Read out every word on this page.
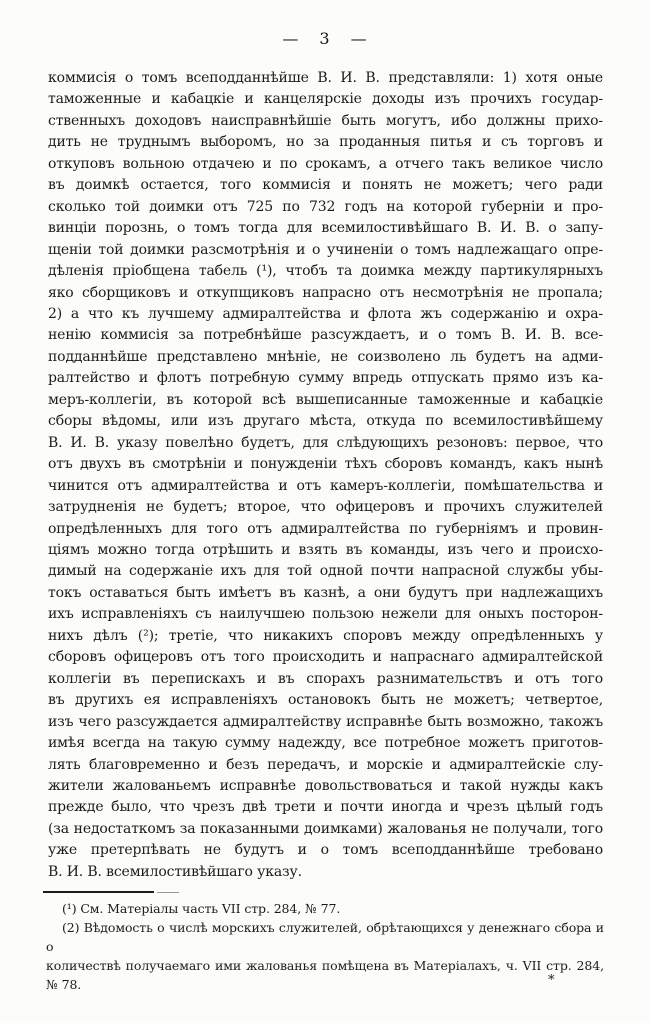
— 3 —
коммисія о томъ всеподданнѣйше В. И. В. представляли: 1) хотя оные
таможенные и кабацкіе и канцелярскіе доходы изъ прочихъ государ-
ственныхъ доходовъ наисправнѣйшіе быть могутъ, ибо должны прихо-
дить не труднымъ выборомъ, но за проданныя питья и съ торговъ и
откуповъ вольною отдачею и по срокамъ, а отчего такъ великое число
въ доимкѣ остается, того коммисія и понять не можетъ; чего ради
сколько той доимки отъ 725 по 732 годъ на которой губерніи и про-
винціи порознь, о томъ тогда для всемилостивѣйшаго В. И. В. о запу-
щеніи той доимки разсмотрѣнія и о учиненіи о томъ надлежащаго опре-
дѣленія пріобщена табель (¹), чтобъ та доимка между партикулярныхъ
яко сборщиковъ и откупщиковъ напрасно отъ несмотрѣнія не пропала;
2) а что къ лучшему адмиралтейства и флота жъ содержанію и охра-
ненію коммисія за потребнѣйше разсуждаетъ, и о томъ В. И. В. все-
подданнѣйше представлено мнѣніе, не соизволено ль будетъ на адми-
ралтейство и флотъ потребную сумму впредь отпускать прямо изъ ка-
меръ-коллегіи, въ которой всѣ вышеписанные таможенные и кабацкіе
сборы вѣдомы, или изъ другаго мѣста, откуда по всемилостивѣйшему
В. И. В. указу повелѣно будетъ, для слѣдующихъ резоновъ: первое, что
отъ двухъ въ смотрѣніи и понужденіи тѣхъ сборовъ командъ, какъ нынѣ
чинится отъ адмиралтейства и отъ камеръ-коллегіи, помѣшательства и
затрудненія не будетъ; второе, что офицеровъ и прочихъ служителей
опредѣленныхъ для того отъ адмиралтейства по губерніямъ и провин-
ціямъ можно тогда отрѣшить и взять въ команды, изъ чего и происхо-
димый на содержаніе ихъ для той одной почти напрасной службы убы-
токъ оставаться быть имѣетъ въ казнѣ, а они будутъ при надлежащихъ
ихъ исправленіяхъ съ наилучшею пользою нежели для оныхъ посторон-
нихъ дѣлъ (²); третіе, что никакихъ споровъ между опредѣленныхъ у
сборовъ офицеровъ отъ того происходить и напраснаго адмиралтейской
коллегіи въ перепискахъ и въ спорахъ разнимательствъ и отъ того
въ другихъ ея исправленіяхъ остановокъ быть не можетъ; четвертое,
изъ чего разсуждается адмиралтейству исправнѣе быть возможно, такожъ
имѣя всегда на такую сумму надежду, все потребное можетъ приготов-
лять благовременно и безъ передачъ, и морскіе и адмиралтейскіе слу-
жители жалованьемъ исправнѣе довольствоваться и такой нужды какъ
прежде было, что чрезъ двѣ трети и почти иногда и чрезъ цѣлый годъ
(за недостаткомъ за показанными доимками) жалованья не получали, того
уже претерпѣвать не будутъ и о томъ всеподданнѣйше требовано
В. И. В. всемилостивѣйшаго указу.
(¹) См. Матеріалы часть VII стр. 284, № 77.
(2) Вѣдомость о числѣ морскихъ служителей, обрѣтающихся у денежнаго сбора и о
количествѣ получаемаго ими жалованья помѣщена въ Матеріалахъ, ч. VII стр. 284,
№ 78.	*
